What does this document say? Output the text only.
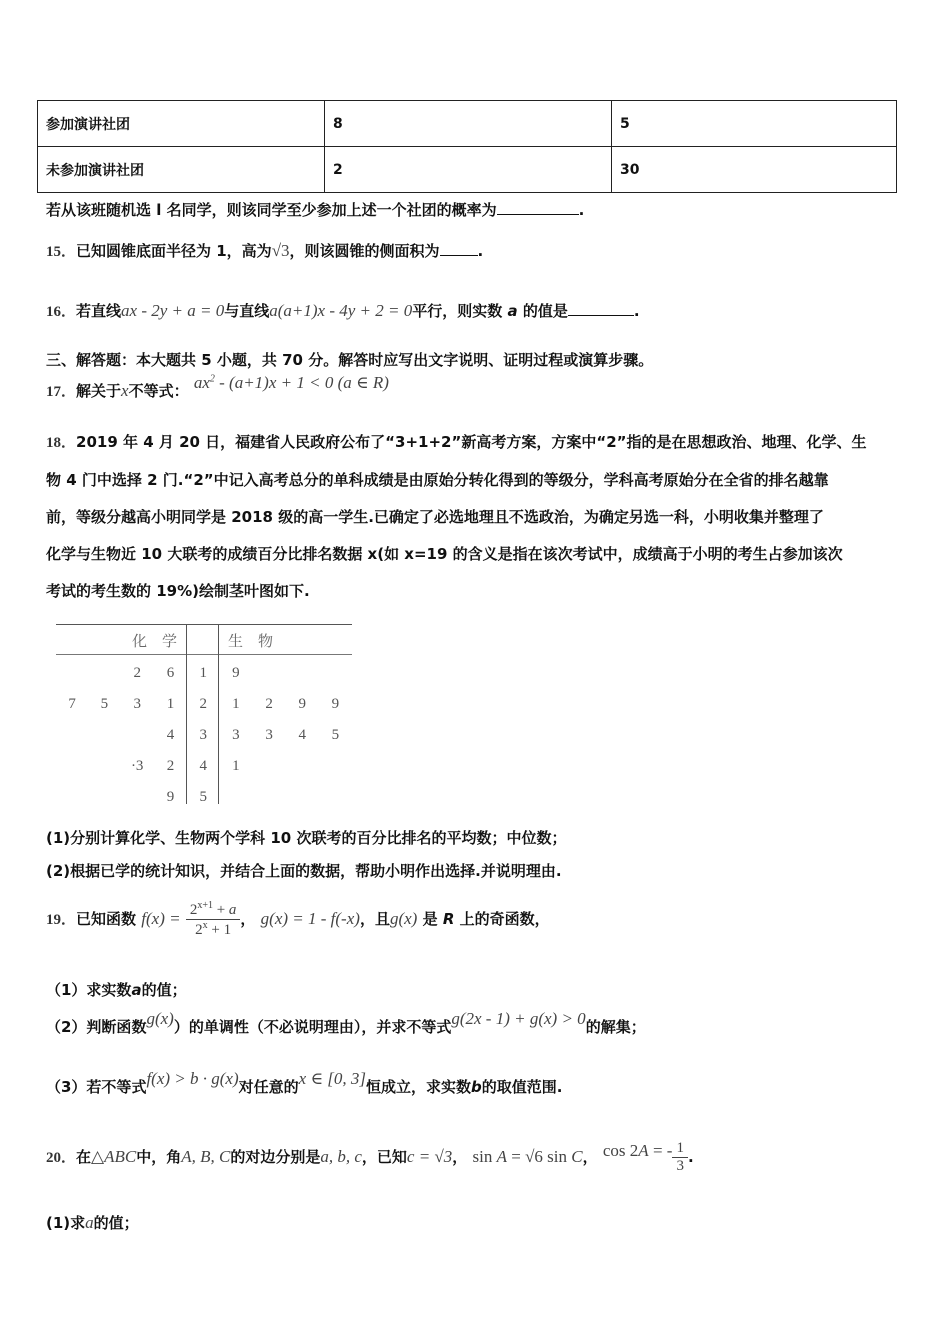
参加演讲社团	8	5
未参加演讲社团	2	30
若从该班随机选 l 名同学，则该同学至少参加上述一个社团的概率为	.
15．已知圆锥底面半径为 1，高为√3，则该圆锥的侧面积为	.
16．若直线ax - 2y + a = 0与直线a(a+1)x - 4y + 2 = 0平行，则实数 a 的值是	.
三、解答题：本大题共 5 小题，共 70 分。解答时应写出文字说明、证明过程或演算步骤。
17．解关于x不等式： $ax^2 - (a+1)x + 1 < 0$ (a ∈ R)
18．2019 年 4 月 20 日，福建省人民政府公布了“3+1+2”新高考方案，方案中“2”指的是在思想政治、地理、化学、生
物 4 门中选择 2 门.“2”中记入高考总分的单科成绩是由原始分转化得到的等级分，学科高考原始分在全省的排名越靠
前，等级分越高小明同学是 2018 级的高一学生.已确定了必选地理且不选政治，为确定另选一科，小明收集并整理了
化学与生物近 10 大联考的成绩百分比排名数据 x(如 x=19 的含义是指在该次考试中，成绩高于小明的考生占参加该次
考试的考生数的 19%)绘制茎叶图如下.
化　学	生　物
		2	6	1	9			
7	5	3	1	2	1	2	9	9
			4	3	3	3	4	5
		·3	2	4	1			
			9	5				
(1)分别计算化学、生物两个学科 10 次联考的百分比排名的平均数；中位数；
(2)根据已学的统计知识，并结合上面的数据，帮助小明作出选择.并说明理由.
19．已知函数 $f(x) = \frac{2^{x+1} + a}{2^x + 1}$ ， g(x) = 1 - f(-x)，且g(x) 是 R 上的奇函数，
（1）求实数a的值；
（2）判断函数g(x)）的单调性（不必说明理由），并求不等式g(2x - 1) + g(x) > 0的解集；
（3）若不等式f(x) > b · g(x)对任意的x ∈ [0, 3]恒成立，求实数b的取值范围.
20．在△ABC中，角A, B, C的对边分别是a, b, c，已知c = √3， sin A = √6 sin C， cos 2A = - $\frac{1}{3}$ .
(1)求a的值；
